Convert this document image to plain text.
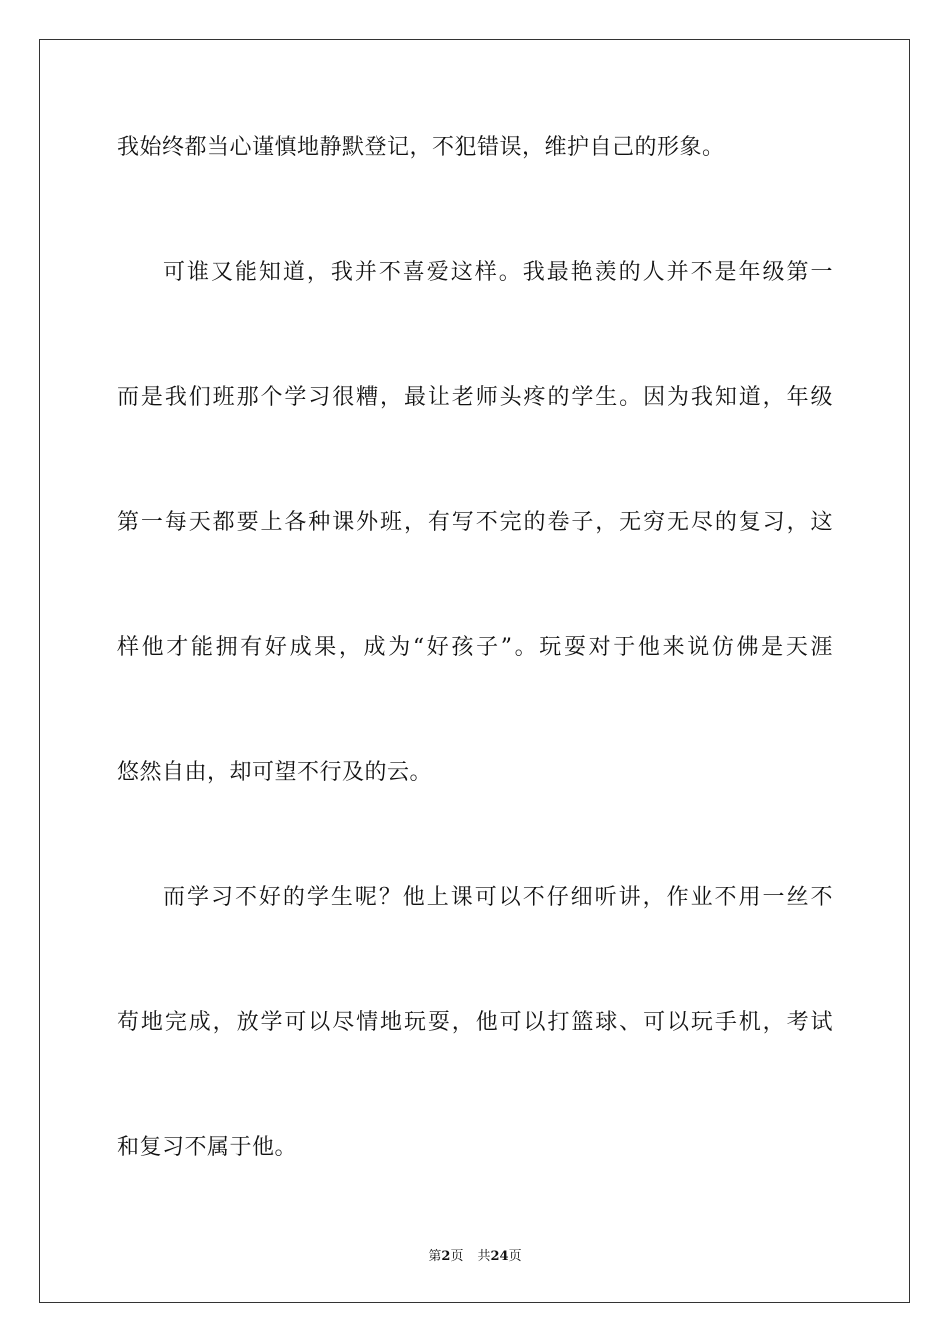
我始终都当心谨慎地静默登记，不犯错误，维护自己的形象。
可谁又能知道，我并不喜爱这样。我最艳羡的人并不是年级第一
而是我们班那个学习很糟，最让老师头疼的学生。因为我知道，年级
第一每天都要上各种课外班，有写不完的卷子，无穷无尽的复习，这
样他才能拥有好成果，成为“好孩子”。玩耍对于他来说仿佛是天涯
悠然自由，却可望不行及的云。
而学习不好的学生呢？他上课可以不仔细听讲，作业不用一丝不
苟地完成，放学可以尽情地玩耍，他可以打篮球、可以玩手机，考试
和复习不属于他。
第2页 共24页
